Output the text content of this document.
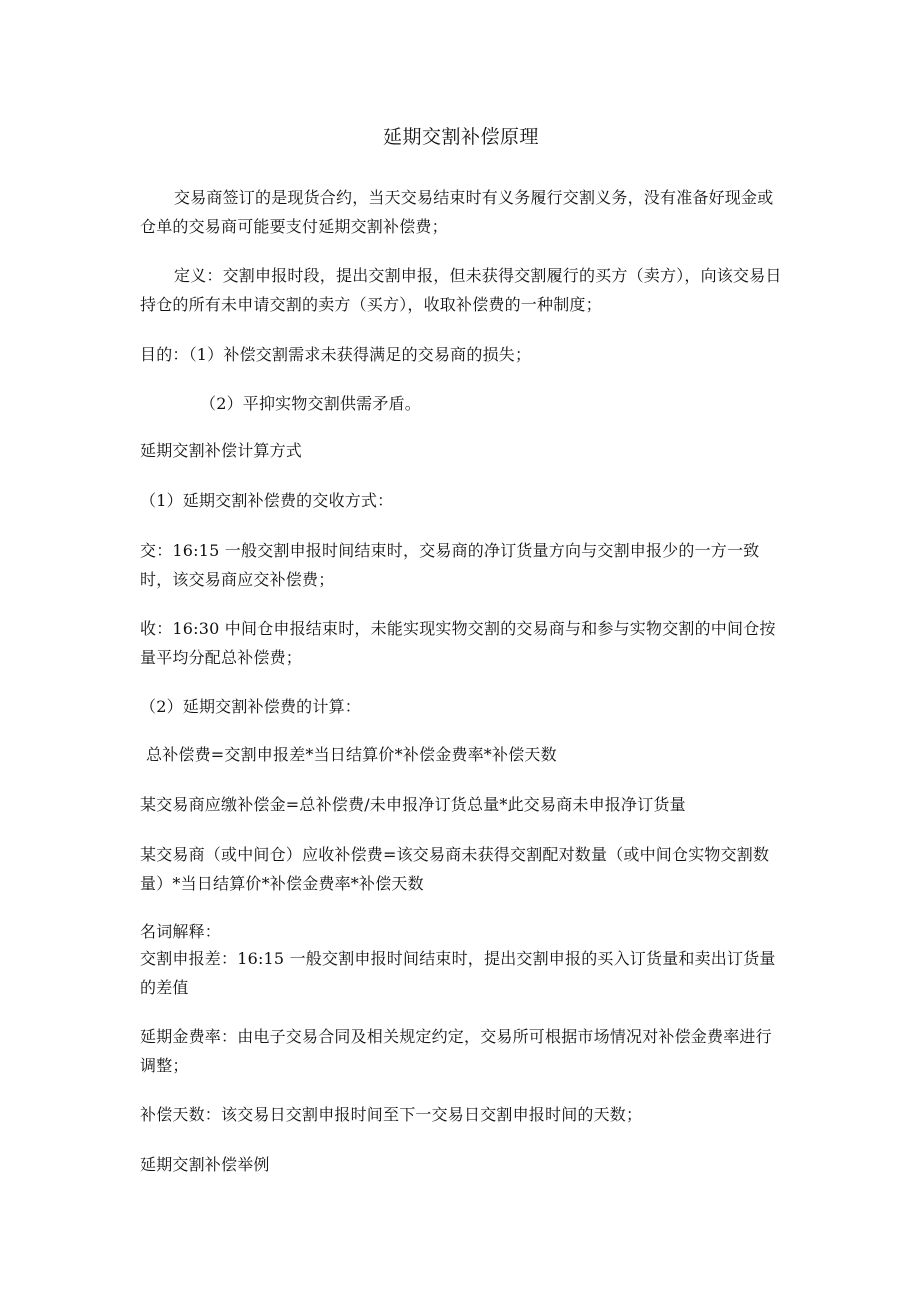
延期交割补偿原理
交易商签订的是现货合约，当天交易结束时有义务履行交割义务，没有准备好现金或仓单的交易商可能要支付延期交割补偿费；
定义：交割申报时段，提出交割申报，但未获得交割履行的买方（卖方），向该交易日持仓的所有未申请交割的卖方（买方），收取补偿费的一种制度；
目的：（1）补偿交割需求未获得满足的交易商的损失；
（2）平抑实物交割供需矛盾。
延期交割补偿计算方式
（1）延期交割补偿费的交收方式：
交：16:15 一般交割申报时间结束时，交易商的净订货量方向与交割申报少的一方一致时，该交易商应交补偿费；
收：16:30 中间仓申报结束时，未能实现实物交割的交易商与和参与实物交割的中间仓按量平均分配总补偿费；
（2）延期交割补偿费的计算：
总补偿费=交割申报差*当日结算价*补偿金费率*补偿天数
某交易商应缴补偿金=总补偿费/未申报净订货总量*此交易商未申报净订货量
某交易商（或中间仓）应收补偿费=该交易商未获得交割配对数量（或中间仓实物交割数量）*当日结算价*补偿金费率*补偿天数
名词解释：
交割申报差：16:15 一般交割申报时间结束时，提出交割申报的买入订货量和卖出订货量的差值
延期金费率：由电子交易合同及相关规定约定，交易所可根据市场情况对补偿金费率进行调整；
补偿天数：该交易日交割申报时间至下一交易日交割申报时间的天数；
延期交割补偿举例
